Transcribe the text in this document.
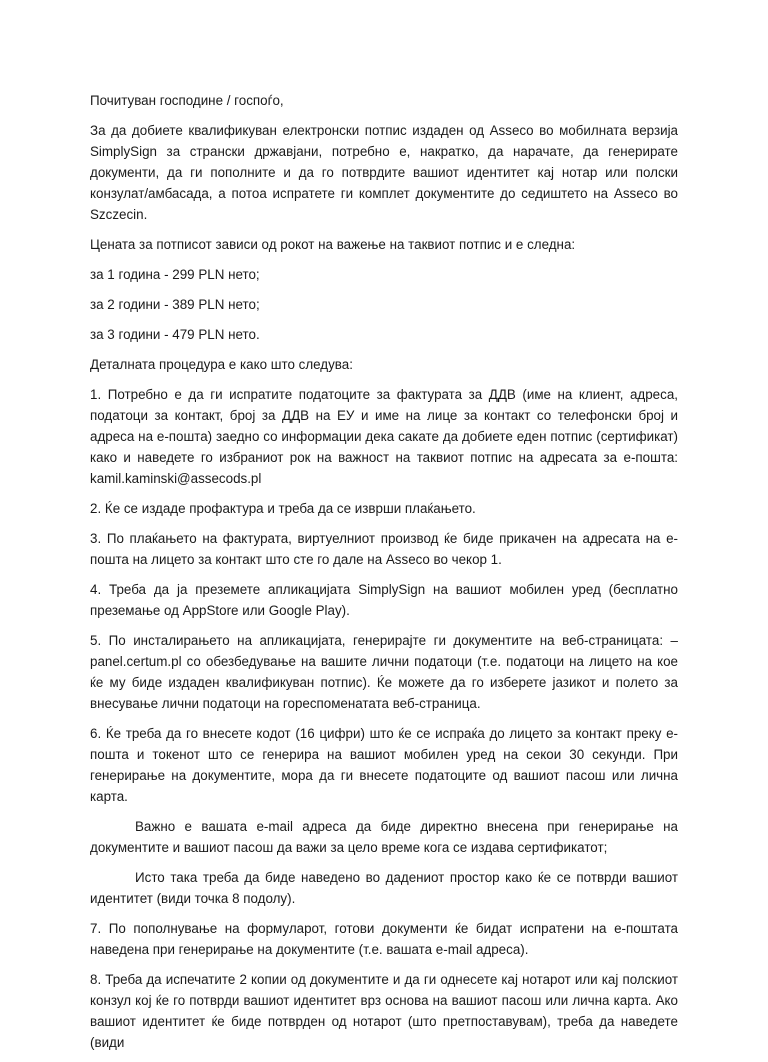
Почитуван господине / госпоѓо,

За да добиете квалификуван електронски потпис издаден од Assecо во мобилната верзија SimplySign за странски државјани, потребно е, накратко, да нарачате, да генерирате документи, да ги пополните и да го потврдите вашиот идентитет кај нотар или полски конзулат/амбасада, а потоа испратете ги комплет документите до седиштето на Asseco во Szczecin.

Цената за потписот зависи од рокот на важење на таквиот потпис и е следна:

за 1 година - 299 PLN нето;

за 2 години - 389 PLN нето;

за 3 години - 479 PLN нето.

Деталната процедура е како што следува:

1. Потребно е да ги испратите податоците за фактурата за ДДВ (име на клиент, адреса, податоци за контакт, број за ДДВ на ЕУ и име на лице за контакт со телефонски број и адреса на е-пошта) заедно со информации дека сакате да добиете еден потпис (сертификат) како и наведете го избраниот рок на важност на таквиот потпис на адресата за е-пошта: kamil.kaminski@assecods.pl

2. Ќе се издаде профактура и треба да се изврши плаќањето.

3. По плаќањето на фактурата, виртуелниот производ ќе биде прикачен на адресата на е-пошта на лицето за контакт што сте го дале на Asseco во чекор 1.

4. Треба да ја преземете апликацијата SimplySign на вашиот мобилен уред (бесплатно преземање од AppStore или Google Play).

5. По инсталирањето на апликацијата, генерирајте ги документите на веб-страницата: – panel.certum.pl со обезбедување на вашите лични податоци (т.е. податоци на лицето на кое ќе му биде издаден квалификуван потпис). Ќе можете да го изберете јазикот и полето за внесување лични податоци на гореспоменатата веб-страница.

6. Ќе треба да го внесете кодот (16 цифри) што ќе се испраќа до лицето за контакт преку е-пошта и токенот што се генерира на вашиот мобилен уред на секои 30 секунди. При генерирање на документите, мора да ги внесете податоците од вашиот пасош или лична карта.

Важно е вашата e-mail адреса да биде директно внесена при генерирање на документите и вашиот пасош да важи за цело време кога се издава сертификатот;

Исто така треба да биде наведено во дадениот простор како ќе се потврди вашиот идентитет (види точка 8 подолу).

7. По пополнување на формуларот, готови документи ќе бидат испратени на е-поштата наведена при генерирање на документите (т.е. вашата e-mail адреса).

8. Треба да испечатите 2 копии од документите и да ги однесете кај нотарот или кај полскиот конзул кој ќе го потврди вашиот идентитет врз основа на вашиот пасош или лична карта. Ако вашиот идентитет ќе биде потврден од нотарот (што претпоставувам), треба да наведете (види
